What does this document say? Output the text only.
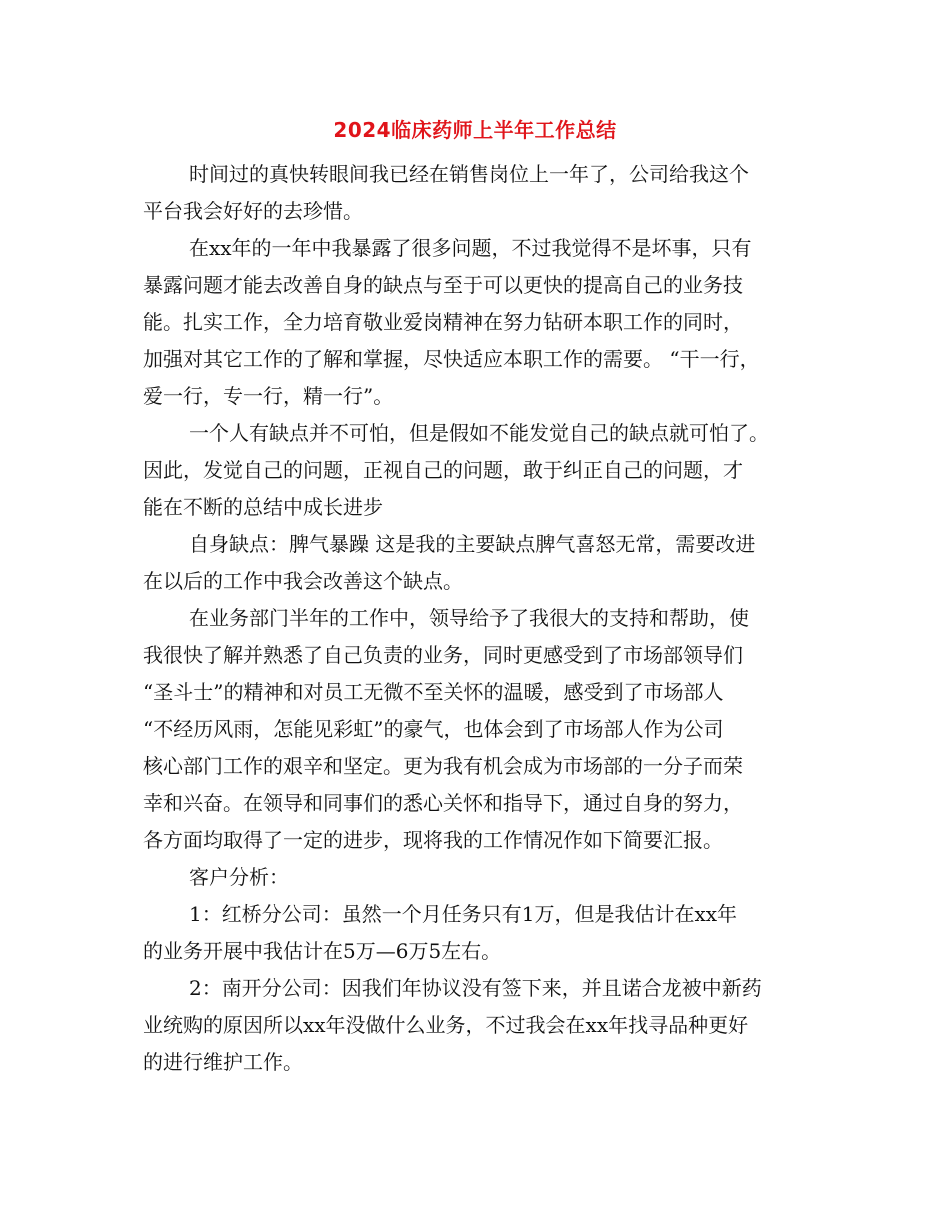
2024临床药师上半年工作总结

时间过的真快转眼间我已经在销售岗位上一年了，公司给我这个

平台我会好好的去珍惜。

在xx年的一年中我暴露了很多问题，不过我觉得不是坏事，只有

暴露问题才能去改善自身的缺点与至于可以更快的提高自己的业务技

能。扎实工作，全力培育敬业爱岗精神在努力钻研本职工作的同时，

加强对其它工作的了解和掌握，尽快适应本职工作的需要。 “干一行，

爱一行，专一行，精一行”。

一个人有缺点并不可怕，但是假如不能发觉自己的缺点就可怕了。

因此，发觉自己的问题，正视自己的问题，敢于纠正自己的问题，才

能在不断的总结中成长进步

自身缺点：脾气暴躁 这是我的主要缺点脾气喜怒无常，需要改进

在以后的工作中我会改善这个缺点。

在业务部门半年的工作中，领导给予了我很大的支持和帮助，使

我很快了解并熟悉了自己负责的业务，同时更感受到了市场部领导们

“圣斗士”的精神和对员工无微不至关怀的温暖，感受到了市场部人

“不经历风雨，怎能见彩虹”的豪气，也体会到了市场部人作为公司

核心部门工作的艰辛和坚定。更为我有机会成为市场部的一分子而荣

幸和兴奋。在领导和同事们的悉心关怀和指导下，通过自身的努力，

各方面均取得了一定的进步，现将我的工作情况作如下简要汇报。

客户分析：

1：红桥分公司：虽然一个月任务只有1万，但是我估计在xx年

的业务开展中我估计在5万—6万5左右。

2：南开分公司：因我们年协议没有签下来，并且诺合龙被中新药

业统购的原因所以xx年没做什么业务，不过我会在xx年找寻品种更好

的进行维护工作。
